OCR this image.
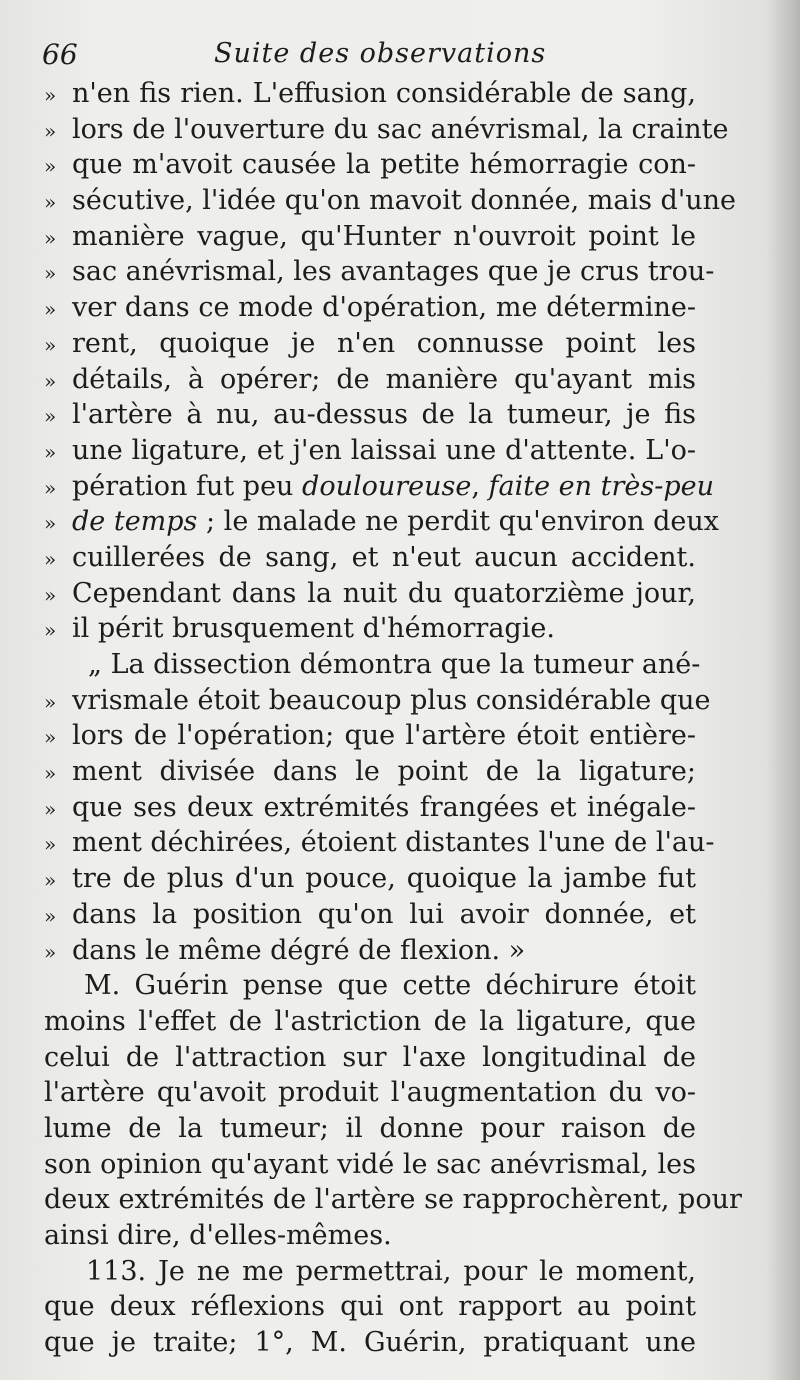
66	Suite des observations
» n'en fis rien. L'effusion considérable de sang,
» lors de l'ouverture du sac anévrismal, la crainte
» que m'avoit causée la petite hémorragie con-
» sécutive, l'idée qu'on mavoit donnée, mais d'une
» manière vague, qu'Hunter n'ouvroit point le
» sac anévrismal, les avantages que je crus trou-
» ver dans ce mode d'opération, me détermine-
» rent, quoique je n'en connusse point les
» détails, à opérer; de manière qu'ayant mis
» l'artère à nu, au-dessus de la tumeur, je fis
» une ligature, et j'en laissai une d'attente. L'o-
» pération fut peu douloureuse, faite en très-peu
» de temps ; le malade ne perdit qu'environ deux
» cuillerées de sang, et n'eut aucun accident.
» Cependant dans la nuit du quatorzième jour,
» il périt brusquement d'hémorragie.
„ La dissection démontra que la tumeur ané-
» vrismale étoit beaucoup plus considérable que
» lors de l'opération; que l'artère étoit entière-
» ment divisée dans le point de la ligature;
» que ses deux extrémités frangées et inégale-
» ment déchirées, étoient distantes l'une de l'au-
» tre de plus d'un pouce, quoique la jambe fut
» dans la position qu'on lui avoir donnée, et
» dans le même dégré de flexion. »
M. Guérin pense que cette déchirure étoit
moins l'effet de l'astriction de la ligature, que
celui de l'attraction sur l'axe longitudinal de
l'artère qu'avoit produit l'augmentation du vo-
lume de la tumeur; il donne pour raison de
son opinion qu'ayant vidé le sac anévrismal, les
deux extrémités de l'artère se rapprochèrent, pour
ainsi dire, d'elles-mêmes.
113. Je ne me permettrai, pour le moment,
que deux réflexions qui ont rapport au point
que je traite; 1°, M. Guérin, pratiquant une
